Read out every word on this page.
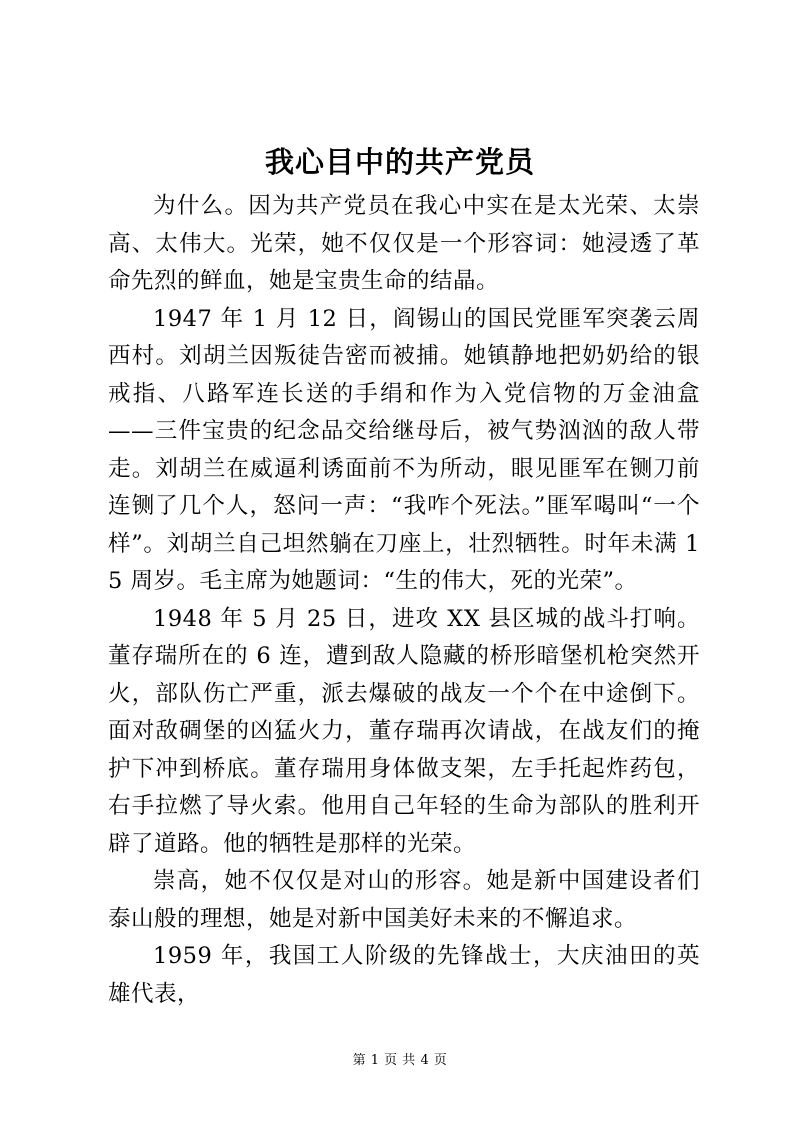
我心目中的共产党员

为什么。因为共产党员在我心中实在是太光荣、太崇高、太伟大。光荣，她不仅仅是一个形容词：她浸透了革命先烈的鲜血，她是宝贵生命的结晶。

1947 年 1 月 12 日，阎锡山的国民党匪军突袭云周西村。刘胡兰因叛徒告密而被捕。她镇静地把奶奶给的银戒指、八路军连长送的手绢和作为入党信物的万金油盒——三件宝贵的纪念品交给继母后，被气势汹汹的敌人带走。刘胡兰在威逼利诱面前不为所动，眼见匪军在铡刀前连铡了几个人，怒问一声：“我咋个死法。”匪军喝叫“一个样”。刘胡兰自己坦然躺在刀座上，壮烈牺牲。时年未满 15 周岁。毛主席为她题词：“生的伟大，死的光荣”。

1948 年 5 月 25 日，进攻 XX 县区城的战斗打响。董存瑞所在的 6 连，遭到敌人隐藏的桥形暗堡机枪突然开火，部队伤亡严重，派去爆破的战友一个个在中途倒下。面对敌碉堡的凶猛火力，董存瑞再次请战，在战友们的掩护下冲到桥底。董存瑞用身体做支架，左手托起炸药包，右手拉燃了导火索。他用自己年轻的生命为部队的胜利开辟了道路。他的牺牲是那样的光荣。

崇高，她不仅仅是对山的形容。她是新中国建设者们泰山般的理想，她是对新中国美好未来的不懈追求。

1959 年，我国工人阶级的先锋战士，大庆油田的英雄代表，

第 1 页 共 4 页
